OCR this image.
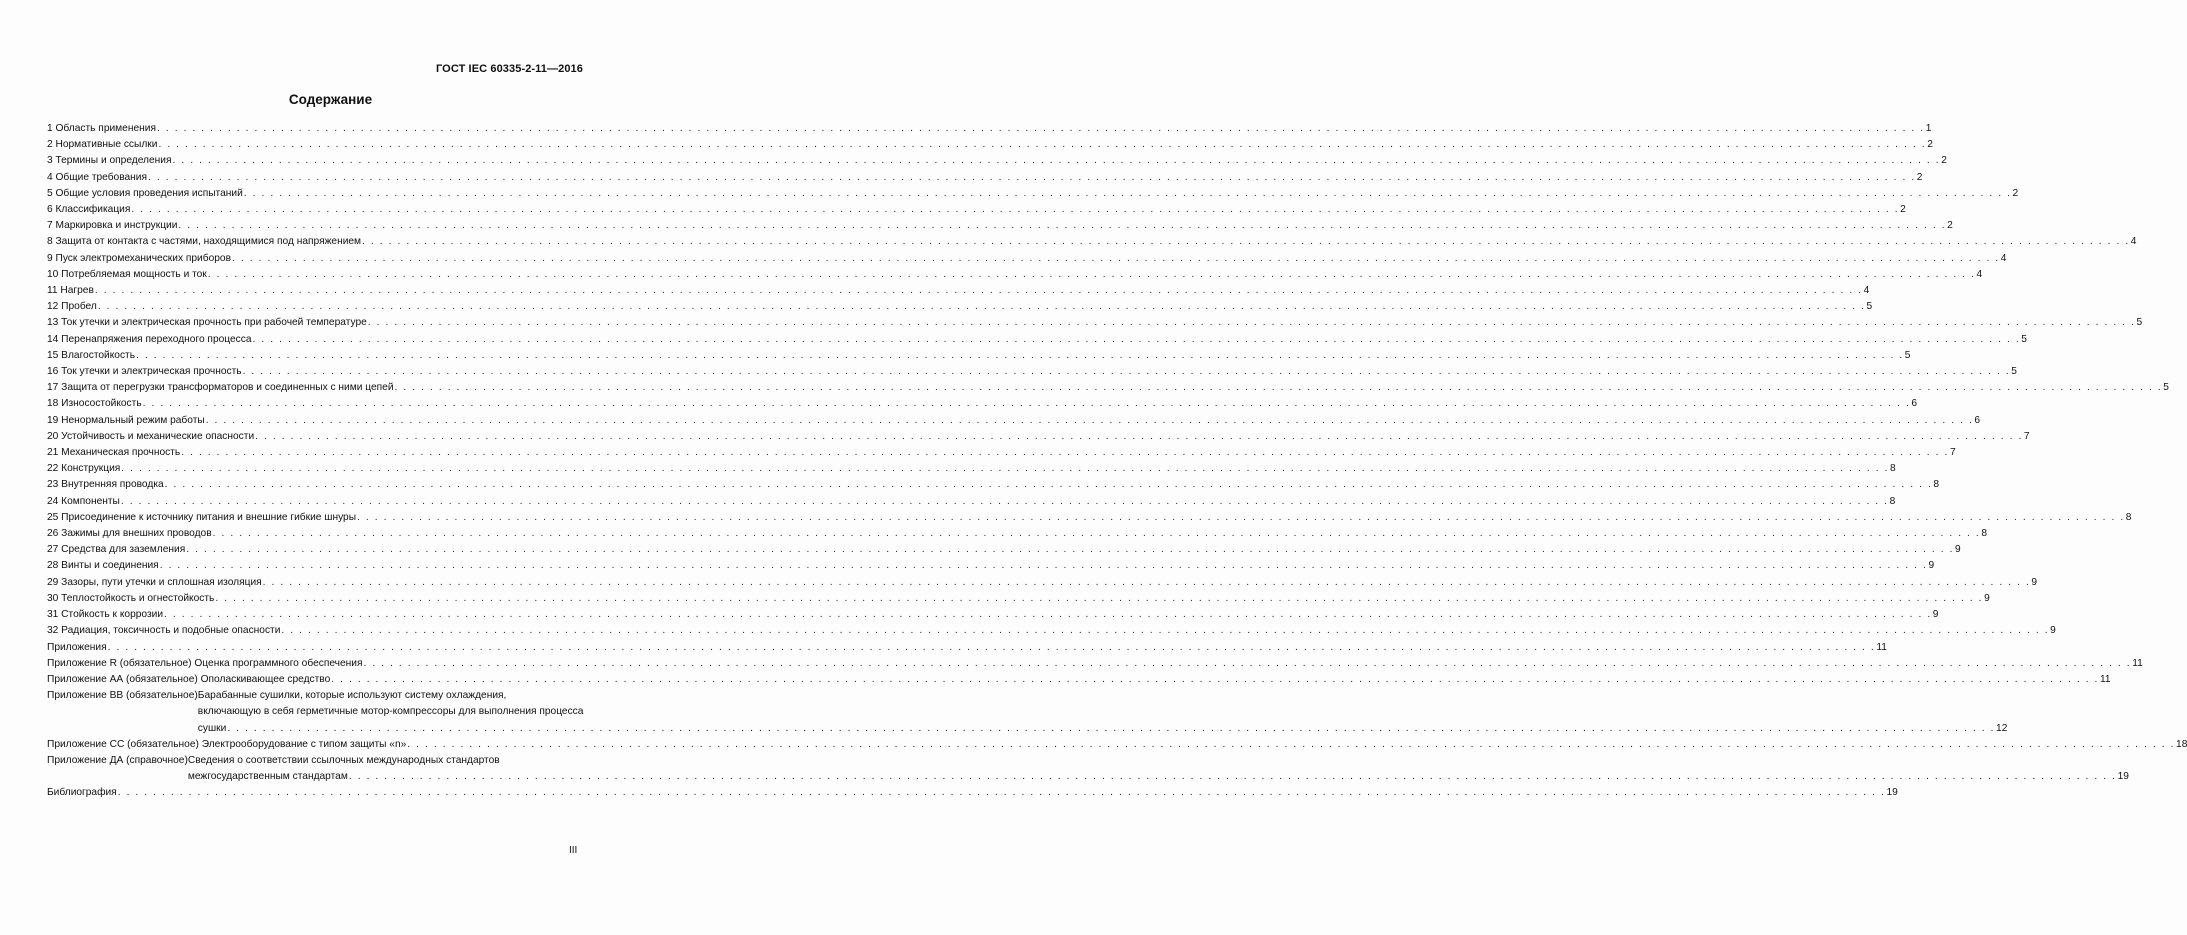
ГОСТ IEC 60335-2-11—2016
Содержание
1 Область применения . . . . . . . . . . . . . . . . . . . . . . . . . . . . . . . . . . . . . . . . . . . . . . . . . . . . . . . . . . . . . . . . . . . . . . . . . . . . . . . . . . . . . . . . . . . . . . . . . . . . . . . . . . . . . . . . . . . . . . . . . . . . . . . . . . . . . . . . . . . . . . . . . . . . . . . . . . . . . . . . . . . . . . . . . . . . . . . . . . . . . . . . . . . . . . . . . . . . . . . . 1
2 Нормативные ссылки . . . . . . . . . . . . . . . . . . . . . . . . . . . . . . . . . . . . . . . . . . . . . . . . . . . . . . . . . . . . . . . . . . . . . . . . . . . . . . . . . . . . . . . . . . . . . . . . . . . . . . . . . . . . . . . . . . . . . . . . . . . . . . . . . . . . . . . . . . . . . . . . . . . . . . . . . . . . . . . . . . . . . . . . . . . . . . . . . . . . . . . . . . . . . . . . . . . . . . . . 2
3 Термины и определения . . . . . . . . . . . . . . . . . . . . . . . . . . . . . . . . . . . . . . . . . . . . . . . . . . . . . . . . . . . . . . . . . . . . . . . . . . . . . . . . . . . . . . . . . . . . . . . . . . . . . . . . . . . . . . . . . . . . . . . . . . . . . . . . . . . . . . . . . . . . . . . . . . . . . . . . . . . . . . . . . . . . . . . . . . . . . . . . . . . . . . . . . . . . . . . . . . . . . . . . 2
4 Общие требования . . . . . . . . . . . . . . . . . . . . . . . . . . . . . . . . . . . . . . . . . . . . . . . . . . . . . . . . . . . . . . . . . . . . . . . . . . . . . . . . . . . . . . . . . . . . . . . . . . . . . . . . . . . . . . . . . . . . . . . . . . . . . . . . . . . . . . . . . . . . . . . . . . . . . . . . . . . . . . . . . . . . . . . . . . . . . . . . . . . . . . . . . . . . . . . . . . . . . . . . 2
5 Общие условия проведения испытаний . . . . . . . . . . . . . . . . . . . . . . . . . . . . . . . . . . . . . . . . . . . . . . . . . . . . . . . . . . . . . . . . . . . . . . . . . . . . . . . . . . . . . . . . . . . . . . . . . . . . . . . . . . . . . . . . . . . . . . . . . . . . . . . . . . . . . . . . . . . . . . . . . . . . . . . . . . . . . . . . . . . . . . . . . . . . . . . . . . . . . . . . . . . . . . . . . . . . . . . . 2
6 Классификация . . . . . . . . . . . . . . . . . . . . . . . . . . . . . . . . . . . . . . . . . . . . . . . . . . . . . . . . . . . . . . . . . . . . . . . . . . . . . . . . . . . . . . . . . . . . . . . . . . . . . . . . . . . . . . . . . . . . . . . . . . . . . . . . . . . . . . . . . . . . . . . . . . . . . . . . . . . . . . . . . . . . . . . . . . . . . . . . . . . . . . . . . . . . . . . . . . . . . . . . 2
7 Маркировка и инструкции . . . . . . . . . . . . . . . . . . . . . . . . . . . . . . . . . . . . . . . . . . . . . . . . . . . . . . . . . . . . . . . . . . . . . . . . . . . . . . . . . . . . . . . . . . . . . . . . . . . . . . . . . . . . . . . . . . . . . . . . . . . . . . . . . . . . . . . . . . . . . . . . . . . . . . . . . . . . . . . . . . . . . . . . . . . . . . . . . . . . . . . . . . . . . . . . . . . . . . . . 2
8 Защита от контакта с частями, находящимися под напряжением . . . . . . . . . . . . . . . . . . . . . . . . . . . . . . . . . . . . . . . . . . . . . . . . . . . . . . . . . . . . . . . . . . . . . . . . . . . . . . . . . . . . . . . . . . . . . . . . . . . . . . . . . . . . . . . . . . . . . . . . . . . . . . . . . . . . . . . . . . . . . . . . . . . . . . . . . . . . . . . . . . . . . . . . . . . . . . . . . . . . . . . . . . . . . . . . . . . . . . . . 4
9 Пуск электромеханических приборов . . . . . . . . . . . . . . . . . . . . . . . . . . . . . . . . . . . . . . . . . . . . . . . . . . . . . . . . . . . . . . . . . . . . . . . . . . . . . . . . . . . . . . . . . . . . . . . . . . . . . . . . . . . . . . . . . . . . . . . . . . . . . . . . . . . . . . . . . . . . . . . . . . . . . . . . . . . . . . . . . . . . . . . . . . . . . . . . . . . . . . . . . . . . . . . . . . . . . . . . 4
10 Потребляемая мощность и ток . . . . . . . . . . . . . . . . . . . . . . . . . . . . . . . . . . . . . . . . . . . . . . . . . . . . . . . . . . . . . . . . . . . . . . . . . . . . . . . . . . . . . . . . . . . . . . . . . . . . . . . . . . . . . . . . . . . . . . . . . . . . . . . . . . . . . . . . . . . . . . . . . . . . . . . . . . . . . . . . . . . . . . . . . . . . . . . . . . . . . . . . . . . . . . . . . . . . . . . . 4
11 Нагрев . . . . . . . . . . . . . . . . . . . . . . . . . . . . . . . . . . . . . . . . . . . . . . . . . . . . . . . . . . . . . . . . . . . . . . . . . . . . . . . . . . . . . . . . . . . . . . . . . . . . . . . . . . . . . . . . . . . . . . . . . . . . . . . . . . . . . . . . . . . . . . . . . . . . . . . . . . . . . . . . . . . . . . . . . . . . . . . . . . . . . . . . . . . . . . . . . . . . . . . . 4
12 Пробел . . . . . . . . . . . . . . . . . . . . . . . . . . . . . . . . . . . . . . . . . . . . . . . . . . . . . . . . . . . . . . . . . . . . . . . . . . . . . . . . . . . . . . . . . . . . . . . . . . . . . . . . . . . . . . . . . . . . . . . . . . . . . . . . . . . . . . . . . . . . . . . . . . . . . . . . . . . . . . . . . . . . . . . . . . . . . . . . . . . . . . . . . . . . . . . . . . . . . . . . 5
13 Ток утечки и электрическая прочность при рабочей температуре . . . . . . . . . . . . . . . . . . . . . . . . . . . . . . . . . . . . . . . . . . . . . . . . . . . . . . . . . . . . . . . . . . . . . . . . . . . . . . . . . . . . . . . . . . . . . . . . . . . . . . . . . . . . . . . . . . . . . . . . . . . . . . . . . . . . . . . . . . . . . . . . . . . . . . . . . . . . . . . . . . . . . . . . . . . . . . . . . . . . . . . . . . . . . . . . . . . . . . . . 5
14 Перенапряжения переходного процесса . . . . . . . . . . . . . . . . . . . . . . . . . . . . . . . . . . . . . . . . . . . . . . . . . . . . . . . . . . . . . . . . . . . . . . . . . . . . . . . . . . . . . . . . . . . . . . . . . . . . . . . . . . . . . . . . . . . . . . . . . . . . . . . . . . . . . . . . . . . . . . . . . . . . . . . . . . . . . . . . . . . . . . . . . . . . . . . . . . . . . . . . . . . . . . . . . . . . . . . . 5
15 Влагостойкость . . . . . . . . . . . . . . . . . . . . . . . . . . . . . . . . . . . . . . . . . . . . . . . . . . . . . . . . . . . . . . . . . . . . . . . . . . . . . . . . . . . . . . . . . . . . . . . . . . . . . . . . . . . . . . . . . . . . . . . . . . . . . . . . . . . . . . . . . . . . . . . . . . . . . . . . . . . . . . . . . . . . . . . . . . . . . . . . . . . . . . . . . . . . . . . . . . . . . . . . 5
16 Ток утечки и электрическая прочность . . . . . . . . . . . . . . . . . . . . . . . . . . . . . . . . . . . . . . . . . . . . . . . . . . . . . . . . . . . . . . . . . . . . . . . . . . . . . . . . . . . . . . . . . . . . . . . . . . . . . . . . . . . . . . . . . . . . . . . . . . . . . . . . . . . . . . . . . . . . . . . . . . . . . . . . . . . . . . . . . . . . . . . . . . . . . . . . . . . . . . . . . . . . . . . . . . . . . . . . 5
17 Защита от перегрузки трансформаторов и соединенных с ними цепей . . . . . . . . . . . . . . . . . . . . . . . . . . . . . . . . . . . . . . . . . . . . . . . . . . . . . . . . . . . . . . . . . . . . . . . . . . . . . . . . . . . . . . . . . . . . . . . . . . . . . . . . . . . . . . . . . . . . . . . . . . . . . . . . . . . . . . . . . . . . . . . . . . . . . . . . . . . . . . . . . . . . . . . . . . . . . . . . . . . . . . . . . . . . . . . . . . . . . . . . 5
18 Износостойкость . . . . . . . . . . . . . . . . . . . . . . . . . . . . . . . . . . . . . . . . . . . . . . . . . . . . . . . . . . . . . . . . . . . . . . . . . . . . . . . . . . . . . . . . . . . . . . . . . . . . . . . . . . . . . . . . . . . . . . . . . . . . . . . . . . . . . . . . . . . . . . . . . . . . . . . . . . . . . . . . . . . . . . . . . . . . . . . . . . . . . . . . . . . . . . . . . . . . . . . . 6
19 Ненормальный режим работы . . . . . . . . . . . . . . . . . . . . . . . . . . . . . . . . . . . . . . . . . . . . . . . . . . . . . . . . . . . . . . . . . . . . . . . . . . . . . . . . . . . . . . . . . . . . . . . . . . . . . . . . . . . . . . . . . . . . . . . . . . . . . . . . . . . . . . . . . . . . . . . . . . . . . . . . . . . . . . . . . . . . . . . . . . . . . . . . . . . . . . . . . . . . . . . . . . . . . . . . 6
20 Устойчивость и механические опасности . . . . . . . . . . . . . . . . . . . . . . . . . . . . . . . . . . . . . . . . . . . . . . . . . . . . . . . . . . . . . . . . . . . . . . . . . . . . . . . . . . . . . . . . . . . . . . . . . . . . . . . . . . . . . . . . . . . . . . . . . . . . . . . . . . . . . . . . . . . . . . . . . . . . . . . . . . . . . . . . . . . . . . . . . . . . . . . . . . . . . . . . . . . . . . . . . . . . . . . . 7
21 Механическая прочность . . . . . . . . . . . . . . . . . . . . . . . . . . . . . . . . . . . . . . . . . . . . . . . . . . . . . . . . . . . . . . . . . . . . . . . . . . . . . . . . . . . . . . . . . . . . . . . . . . . . . . . . . . . . . . . . . . . . . . . . . . . . . . . . . . . . . . . . . . . . . . . . . . . . . . . . . . . . . . . . . . . . . . . . . . . . . . . . . . . . . . . . . . . . . . . . . . . . . . . . 7
22 Конструкция . . . . . . . . . . . . . . . . . . . . . . . . . . . . . . . . . . . . . . . . . . . . . . . . . . . . . . . . . . . . . . . . . . . . . . . . . . . . . . . . . . . . . . . . . . . . . . . . . . . . . . . . . . . . . . . . . . . . . . . . . . . . . . . . . . . . . . . . . . . . . . . . . . . . . . . . . . . . . . . . . . . . . . . . . . . . . . . . . . . . . . . . . . . . . . . . . . . . . . . . 8
23 Внутренняя проводка . . . . . . . . . . . . . . . . . . . . . . . . . . . . . . . . . . . . . . . . . . . . . . . . . . . . . . . . . . . . . . . . . . . . . . . . . . . . . . . . . . . . . . . . . . . . . . . . . . . . . . . . . . . . . . . . . . . . . . . . . . . . . . . . . . . . . . . . . . . . . . . . . . . . . . . . . . . . . . . . . . . . . . . . . . . . . . . . . . . . . . . . . . . . . . . . . . . . . . . . 8
24 Компоненты . . . . . . . . . . . . . . . . . . . . . . . . . . . . . . . . . . . . . . . . . . . . . . . . . . . . . . . . . . . . . . . . . . . . . . . . . . . . . . . . . . . . . . . . . . . . . . . . . . . . . . . . . . . . . . . . . . . . . . . . . . . . . . . . . . . . . . . . . . . . . . . . . . . . . . . . . . . . . . . . . . . . . . . . . . . . . . . . . . . . . . . . . . . . . . . . . . . . . . . . 8
25 Присоединение к источнику питания и внешние гибкие шнуры . . . . . . . . . . . . . . . . . . . . . . . . . . . . . . . . . . . . . . . . . . . . . . . . . . . . . . . . . . . . . . . . . . . . . . . . . . . . . . . . . . . . . . . . . . . . . . . . . . . . . . . . . . . . . . . . . . . . . . . . . . . . . . . . . . . . . . . . . . . . . . . . . . . . . . . . . . . . . . . . . . . . . . . . . . . . . . . . . . . . . . . . . . . . . . . . . . . . . . . . 8
26 Зажимы для внешних проводов . . . . . . . . . . . . . . . . . . . . . . . . . . . . . . . . . . . . . . . . . . . . . . . . . . . . . . . . . . . . . . . . . . . . . . . . . . . . . . . . . . . . . . . . . . . . . . . . . . . . . . . . . . . . . . . . . . . . . . . . . . . . . . . . . . . . . . . . . . . . . . . . . . . . . . . . . . . . . . . . . . . . . . . . . . . . . . . . . . . . . . . . . . . . . . . . . . . . . . . . 8
27 Средства для заземления . . . . . . . . . . . . . . . . . . . . . . . . . . . . . . . . . . . . . . . . . . . . . . . . . . . . . . . . . . . . . . . . . . . . . . . . . . . . . . . . . . . . . . . . . . . . . . . . . . . . . . . . . . . . . . . . . . . . . . . . . . . . . . . . . . . . . . . . . . . . . . . . . . . . . . . . . . . . . . . . . . . . . . . . . . . . . . . . . . . . . . . . . . . . . . . . . . . . . . . . 9
28 Винты и соединения . . . . . . . . . . . . . . . . . . . . . . . . . . . . . . . . . . . . . . . . . . . . . . . . . . . . . . . . . . . . . . . . . . . . . . . . . . . . . . . . . . . . . . . . . . . . . . . . . . . . . . . . . . . . . . . . . . . . . . . . . . . . . . . . . . . . . . . . . . . . . . . . . . . . . . . . . . . . . . . . . . . . . . . . . . . . . . . . . . . . . . . . . . . . . . . . . . . . . . . . 9
29 Зазоры, пути утечки и сплошная изоляция . . . . . . . . . . . . . . . . . . . . . . . . . . . . . . . . . . . . . . . . . . . . . . . . . . . . . . . . . . . . . . . . . . . . . . . . . . . . . . . . . . . . . . . . . . . . . . . . . . . . . . . . . . . . . . . . . . . . . . . . . . . . . . . . . . . . . . . . . . . . . . . . . . . . . . . . . . . . . . . . . . . . . . . . . . . . . . . . . . . . . . . . . . . . . . . . . . . . . . . . 9
30 Теплостойкость и огнестойкость . . . . . . . . . . . . . . . . . . . . . . . . . . . . . . . . . . . . . . . . . . . . . . . . . . . . . . . . . . . . . . . . . . . . . . . . . . . . . . . . . . . . . . . . . . . . . . . . . . . . . . . . . . . . . . . . . . . . . . . . . . . . . . . . . . . . . . . . . . . . . . . . . . . . . . . . . . . . . . . . . . . . . . . . . . . . . . . . . . . . . . . . . . . . . . . . . . . . . . . . 9
31 Стойкость к коррозии . . . . . . . . . . . . . . . . . . . . . . . . . . . . . . . . . . . . . . . . . . . . . . . . . . . . . . . . . . . . . . . . . . . . . . . . . . . . . . . . . . . . . . . . . . . . . . . . . . . . . . . . . . . . . . . . . . . . . . . . . . . . . . . . . . . . . . . . . . . . . . . . . . . . . . . . . . . . . . . . . . . . . . . . . . . . . . . . . . . . . . . . . . . . . . . . . . . . . . . . 9
32 Радиация, токсичность и подобные опасности . . . . . . . . . . . . . . . . . . . . . . . . . . . . . . . . . . . . . . . . . . . . . . . . . . . . . . . . . . . . . . . . . . . . . . . . . . . . . . . . . . . . . . . . . . . . . . . . . . . . . . . . . . . . . . . . . . . . . . . . . . . . . . . . . . . . . . . . . . . . . . . . . . . . . . . . . . . . . . . . . . . . . . . . . . . . . . . . . . . . . . . . . . . . . . . . . . . . . . . . 9
Приложения . . . . . . . . . . . . . . . . . . . . . . . . . . . . . . . . . . . . . . . . . . . . . . . . . . . . . . . . . . . . . . . . . . . . . . . . . . . . . . . . . . . . . . . . . . . . . . . . . . . . . . . . . . . . . . . . . . . . . . . . . . . . . . . . . . . . . . . . . . . . . . . . . . . . . . . . . . . . . . . . . . . . . . . . . . . . . . . . . . . . . . . . . . . . . . . . . . . . . . . . 11
Приложение R (обязательное) Оценка программного обеспечения . . . . . . . . . . . . . . . . . . . . . . . . . . . . . . . . . . . . . . . . . . . . . . . . . . . . . . . . . . . . . . . . . . . . . . . . . . . . . . . . . . . . . . . . . . . . . . . . . . . . . . . . . . . . . . . . . . . . . . . . . . . . . . . . . . . . . . . . . . . . . . . . . . . . . . . . . . . . . . . . . . . . . . . . . . . . . . . . . . . . . . . . . . . . . . . . . . . . . . . . 11
Приложение АА (обязательное) Ополаскивающее средство . . . . . . . . . . . . . . . . . . . . . . . . . . . . . . . . . . . . . . . . . . . . . . . . . . . . . . . . . . . . . . . . . . . . . . . . . . . . . . . . . . . . . . . . . . . . . . . . . . . . . . . . . . . . . . . . . . . . . . . . . . . . . . . . . . . . . . . . . . . . . . . . . . . . . . . . . . . . . . . . . . . . . . . . . . . . . . . . . . . . . . . . . . . . . . . . . . . . . . . . 11
Приложение ВВ (обязательное) Барабанные сушилки, которые используют систему охлаждения,
включающую в себя герметичные мотор-компрессоры для выполнения процесса
сушки . . . . . . . . . . . . . . . . . . . . . . . . . . . . . . . . . . . . . . . . . . . . . . . . . . . . . . . . . . . . . . . . . . . . . . . . . . . . . . . . . . . . . . . . . . . . . . . . . . . . . . . . . . . . . . . . . . . . . . . . . . . . . . . . . . . . . . . . . . . . . . . . . . . . . . . . . . . . . . . . . . . . . . . . . . . . . . . . . . . . . . . . . . . . . . . . . . . . . . . . 12
Приложение СС (обязательное) Электрооборудование с типом защиты «n» . . . . . . . . . . . . . . . . . . . . . . . . . . . . . . . . . . . . . . . . . . . . . . . . . . . . . . . . . . . . . . . . . . . . . . . . . . . . . . . . . . . . . . . . . . . . . . . . . . . . . . . . . . . . . . . . . . . . . . . . . . . . . . . . . . . . . . . . . . . . . . . . . . . . . . . . . . . . . . . . . . . . . . . . . . . . . . . . . . . . . . . . . . . . . . . . . . . . . . . . 18
Приложение ДА (справочное) Сведения о соответствии ссылочных международных стандартов
межгосударственным стандартам . . . . . . . . . . . . . . . . . . . . . . . . . . . . . . . . . . . . . . . . . . . . . . . . . . . . . . . . . . . . . . . . . . . . . . . . . . . . . . . . . . . . . . . . . . . . . . . . . . . . . . . . . . . . . . . . . . . . . . . . . . . . . . . . . . . . . . . . . . . . . . . . . . . . . . . . . . . . . . . . . . . . . . . . . . . . . . . . . . . . . . . . . . . . . . . . . . . . . . . . 19
Библиография . . . . . . . . . . . . . . . . . . . . . . . . . . . . . . . . . . . . . . . . . . . . . . . . . . . . . . . . . . . . . . . . . . . . . . . . . . . . . . . . . . . . . . . . . . . . . . . . . . . . . . . . . . . . . . . . . . . . . . . . . . . . . . . . . . . . . . . . . . . . . . . . . . . . . . . . . . . . . . . . . . . . . . . . . . . . . . . . . . . . . . . . . . . . . . . . . . . . . . . . 19
III
